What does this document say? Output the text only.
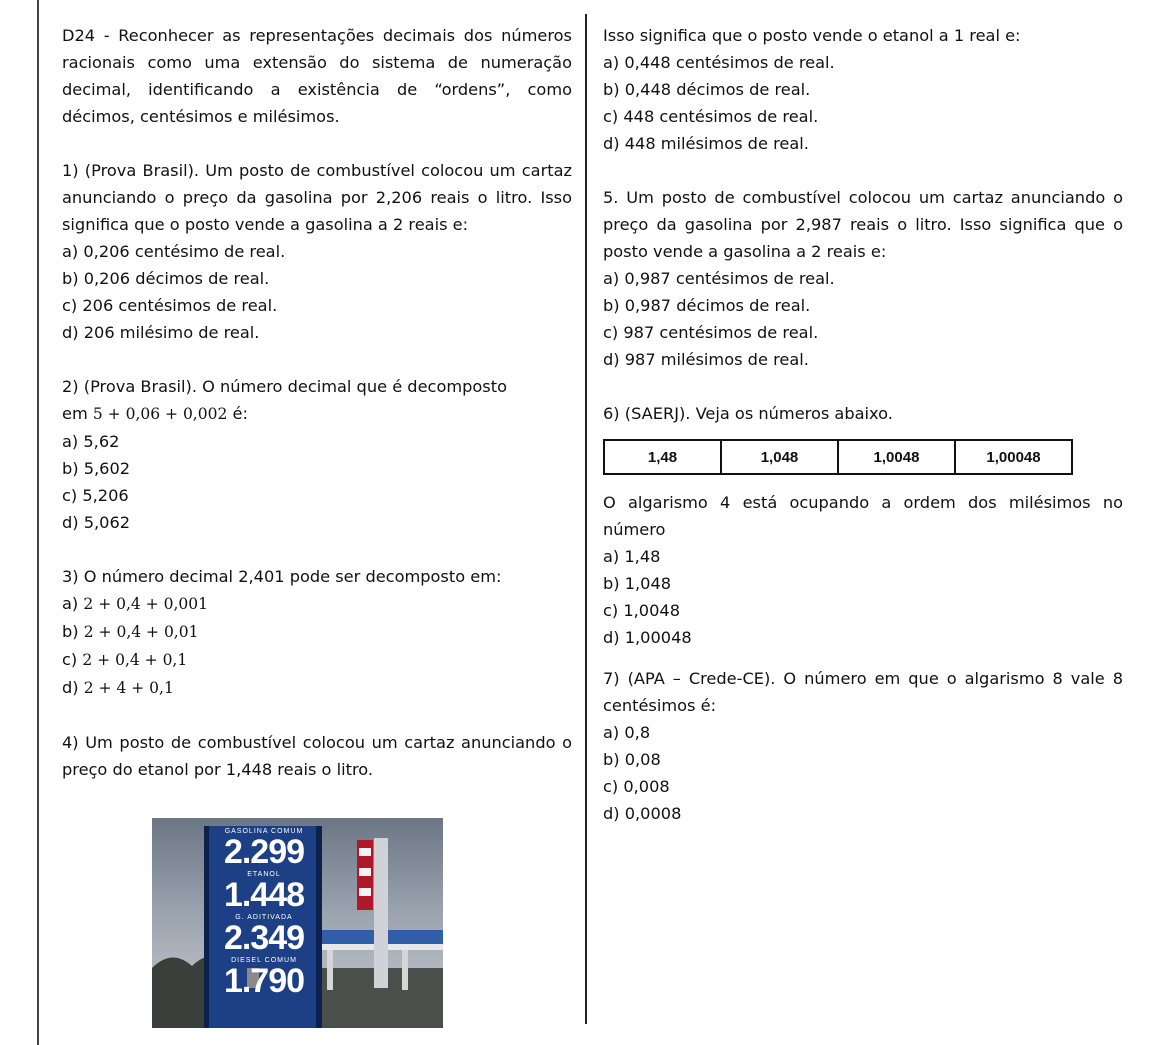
D24 - Reconhecer as representações decimais dos números racionais como uma extensão do sistema de numeração decimal, identificando a existência de “ordens”, como décimos, centésimos e milésimos.

1) (Prova Brasil). Um posto de combustível colocou um cartaz anunciando o preço da gasolina por 2,206 reais o litro. Isso significa que o posto vende a gasolina a 2 reais e:

a) 0,206 centésimo de real.

b) 0,206 décimos de real.

c) 206 centésimos de real.

d) 206 milésimo de real.

2) (Prova Brasil). O número decimal que é decomposto

em 5 + 0,06 + 0,002 é:

a) 5,62

b) 5,602

c) 5,206

d) 5,062

3) O número decimal 2,401 pode ser decomposto em:

a) 2 + 0,4 + 0,001

b) 2 + 0,4 + 0,01

c) 2 + 0,4 + 0,1

d) 2 + 4 + 0,1

4) Um posto de combustível colocou um cartaz anunciando o preço do etanol por 1,448 reais o litro.

GASOLINA COMUM
2.299
ETANOL
1.448
G. ADITIVADA
2.349
DIESEL COMUM
1.790

Isso significa que o posto vende o etanol a 1 real e:

a) 0,448 centésimos de real.

b) 0,448 décimos de real.

c) 448 centésimos de real.

d) 448 milésimos de real.

5. Um posto de combustível colocou um cartaz anunciando o preço da gasolina por 2,987 reais o litro. Isso significa que o posto vende a gasolina a 2 reais e:

a) 0,987 centésimos de real.

b) 0,987 décimos de real.

c) 987 centésimos de real.

d) 987 milésimos de real.

6) (SAERJ). Veja os números abaixo.

1,48	1,048	1,0048	1,00048

O algarismo 4 está ocupando a ordem dos milésimos no número

a) 1,48

b) 1,048

c) 1,0048

d) 1,00048

7) (APA – Crede-CE). O número em que o algarismo 8 vale 8 centésimos é:

a) 0,8

b) 0,08

c) 0,008

d) 0,0008
